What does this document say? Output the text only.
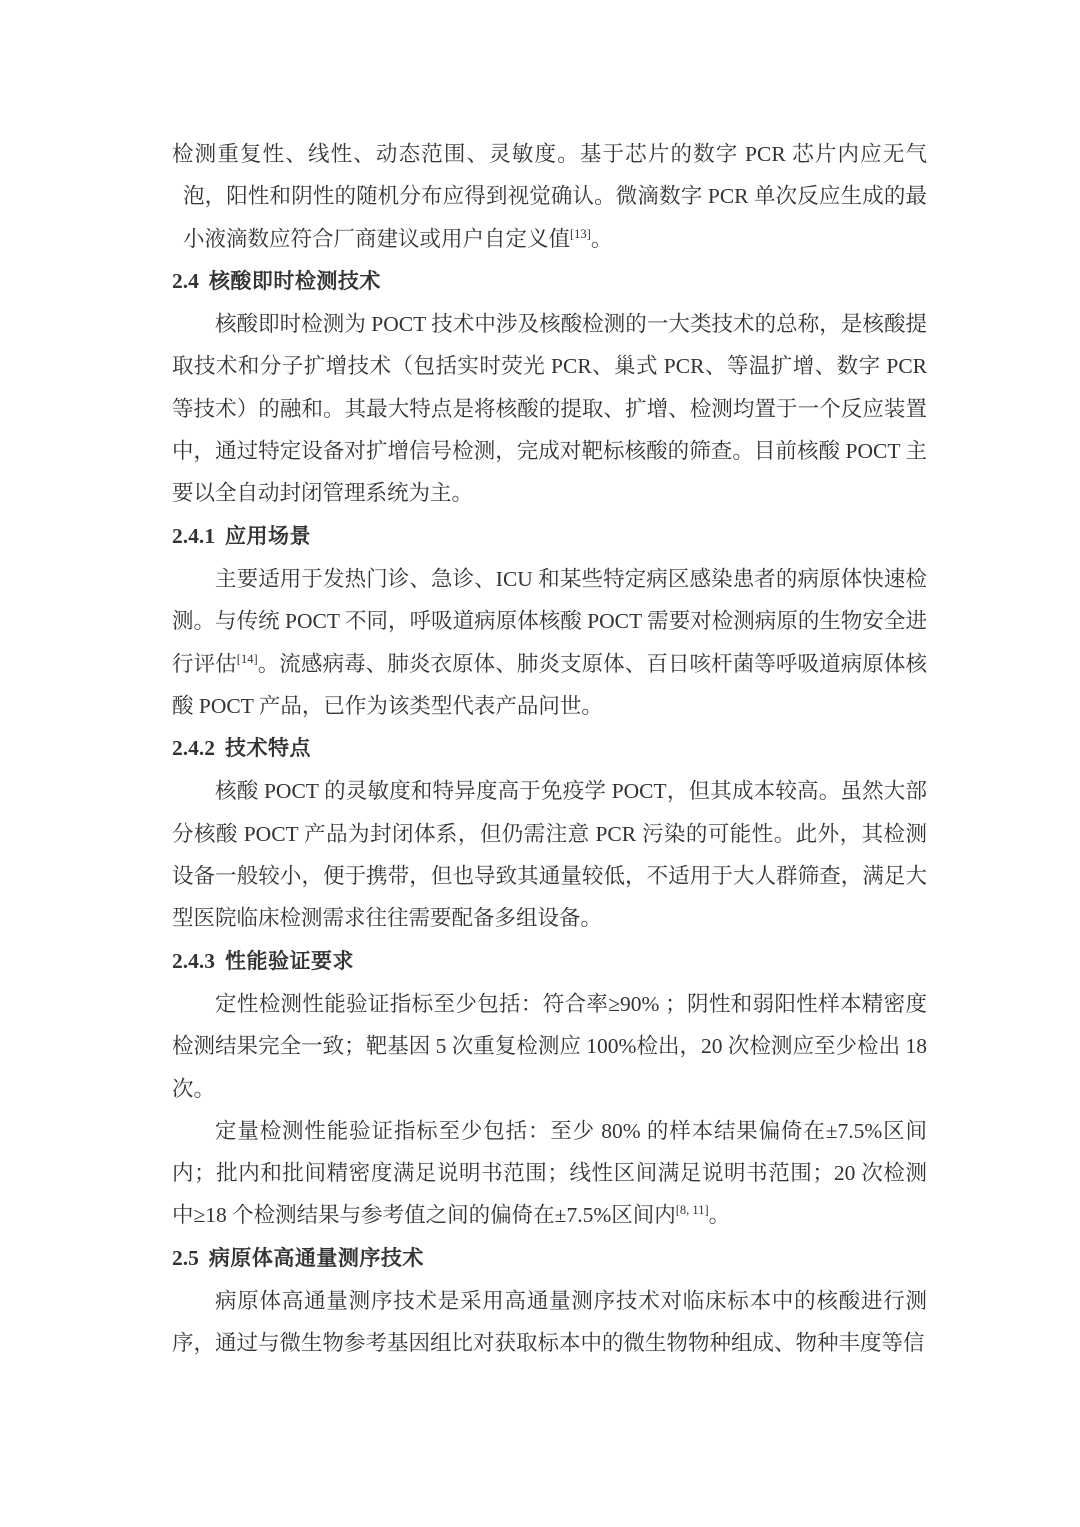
检测重复性、线性、动态范围、灵敏度。基于芯片的数字 PCR 芯片内应无气泡，阳性和阴性的随机分布应得到视觉确认。微滴数字 PCR 单次反应生成的最小液滴数应符合厂商建议或用户自定义值[13]。

2.4 核酸即时检测技术

核酸即时检测为 POCT 技术中涉及核酸检测的一大类技术的总称，是核酸提取技术和分子扩增技术（包括实时荧光 PCR、巢式 PCR、等温扩增、数字 PCR 等技术）的融和。其最大特点是将核酸的提取、扩增、检测均置于一个反应装置中，通过特定设备对扩增信号检测，完成对靶标核酸的筛查。目前核酸 POCT 主要以全自动封闭管理系统为主。

2.4.1 应用场景

主要适用于发热门诊、急诊、ICU 和某些特定病区感染患者的病原体快速检测。与传统 POCT 不同，呼吸道病原体核酸 POCT 需要对检测病原的生物安全进行评估[14]。流感病毒、肺炎衣原体、肺炎支原体、百日咳杆菌等呼吸道病原体核酸 POCT 产品，已作为该类型代表产品问世。

2.4.2 技术特点

核酸 POCT 的灵敏度和特异度高于免疫学 POCT，但其成本较高。虽然大部分核酸 POCT 产品为封闭体系，但仍需注意 PCR 污染的可能性。此外，其检测设备一般较小，便于携带，但也导致其通量较低，不适用于大人群筛查，满足大型医院临床检测需求往往需要配备多组设备。

2.4.3 性能验证要求

定性检测性能验证指标至少包括：符合率≥90% ；阴性和弱阳性样本精密度检测结果完全一致；靶基因 5 次重复检测应 100%检出，20 次检测应至少检出 18 次。

定量检测性能验证指标至少包括：至少 80% 的样本结果偏倚在±7.5%区间内；批内和批间精密度满足说明书范围；线性区间满足说明书范围；20 次检测中≥18 个检测结果与参考值之间的偏倚在±7.5%区间内[8, 11]。

2.5 病原体高通量测序技术

病原体高通量测序技术是采用高通量测序技术对临床标本中的核酸进行测序，通过与微生物参考基因组比对获取标本中的微生物物种组成、物种丰度等信
